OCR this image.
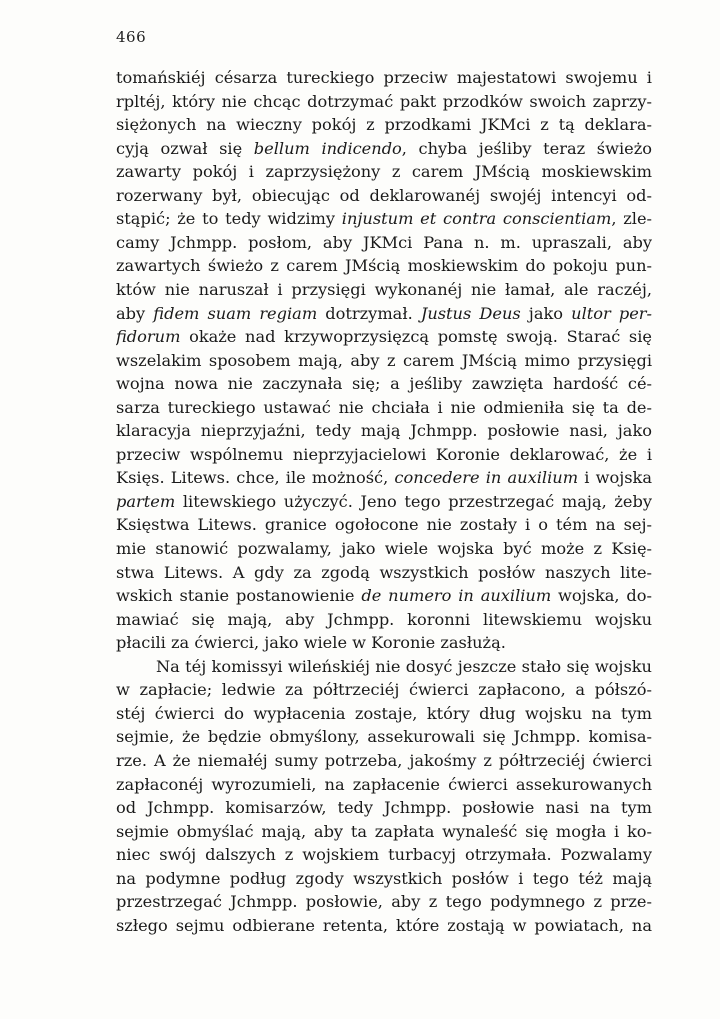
466
tomańskiéj césarza tureckiego przeciw majestatowi swojemu i
rpltéj, który nie chcąc dotrzymać pakt przodków swoich zaprzy-
siężonych na wieczny pokój z przodkami JKMci z tą deklara-
cyją ozwał się bellum indicendo, chyba jeśliby teraz świeżo
zawarty pokój i zaprzysiężony z carem JMścią moskiewskim
rozerwany był, obiecując od deklarowanéj swojéj intencyi od-
stąpić; że to tedy widzimy injustum et contra conscientiam, zle-
camy Jchmpp. posłom, aby JKMci Pana n. m. upraszali, aby
zawartych świeżo z carem JMścią moskiewskim do pokoju pun-
któw nie naruszał i przysięgi wykonanéj nie łamał, ale raczéj,
aby fidem suam regiam dotrzymał. Justus Deus jako ultor per-
fidorum okaże nad krzywoprzysięzcą pomstę swoją. Starać się
wszelakim sposobem mają, aby z carem JMścią mimo przysięgi
wojna nowa nie zaczynała się; a jeśliby zawzięta hardość cé-
sarza tureckiego ustawać nie chciała i nie odmieniła się ta de-
klaracyja nieprzyjaźni, tedy mają Jchmpp. posłowie nasi, jako
przeciw wspólnemu nieprzyjacielowi Koronie deklarować, że i
Księs. Litews. chce, ile możność, concedere in auxilium i wojska
partem litewskiego użyczyć. Jeno tego przestrzegać mają, żeby
Księstwa Litews. granice ogołocone nie zostały i o tém na sej-
mie stanowić pozwalamy, jako wiele wojska być może z Księ-
stwa Litews. A gdy za zgodą wszystkich posłów naszych lite-
wskich stanie postanowienie de numero in auxilium wojska, do-
mawiać się mają, aby Jchmpp. koronni litewskiemu wojsku
płacili za ćwierci, jako wiele w Koronie zasłużą.
Na téj komissyi wileńskiéj nie dosyć jeszcze stało się wojsku
w zapłacie; ledwie za półtrzeciéj ćwierci zapłacono, a półszó-
stéj ćwierci do wypłacenia zostaje, który dług wojsku na tym
sejmie, że będzie obmyślony, assekurowali się Jchmpp. komisa-
rze. A że niemałéj sumy potrzeba, jakośmy z półtrzeciéj ćwierci
zapłaconéj wyrozumieli, na zapłacenie ćwierci assekurowanych
od Jchmpp. komisarzów, tedy Jchmpp. posłowie nasi na tym
sejmie obmyślać mają, aby ta zapłata wynaleść się mogła i ko-
niec swój dalszych z wojskiem turbacyj otrzymała. Pozwalamy
na podymne podług zgody wszystkich posłów i tego téż mają
przestrzegać Jchmpp. posłowie, aby z tego podymnego z prze-
szłego sejmu odbierane retenta, które zostają w powiatach, na
